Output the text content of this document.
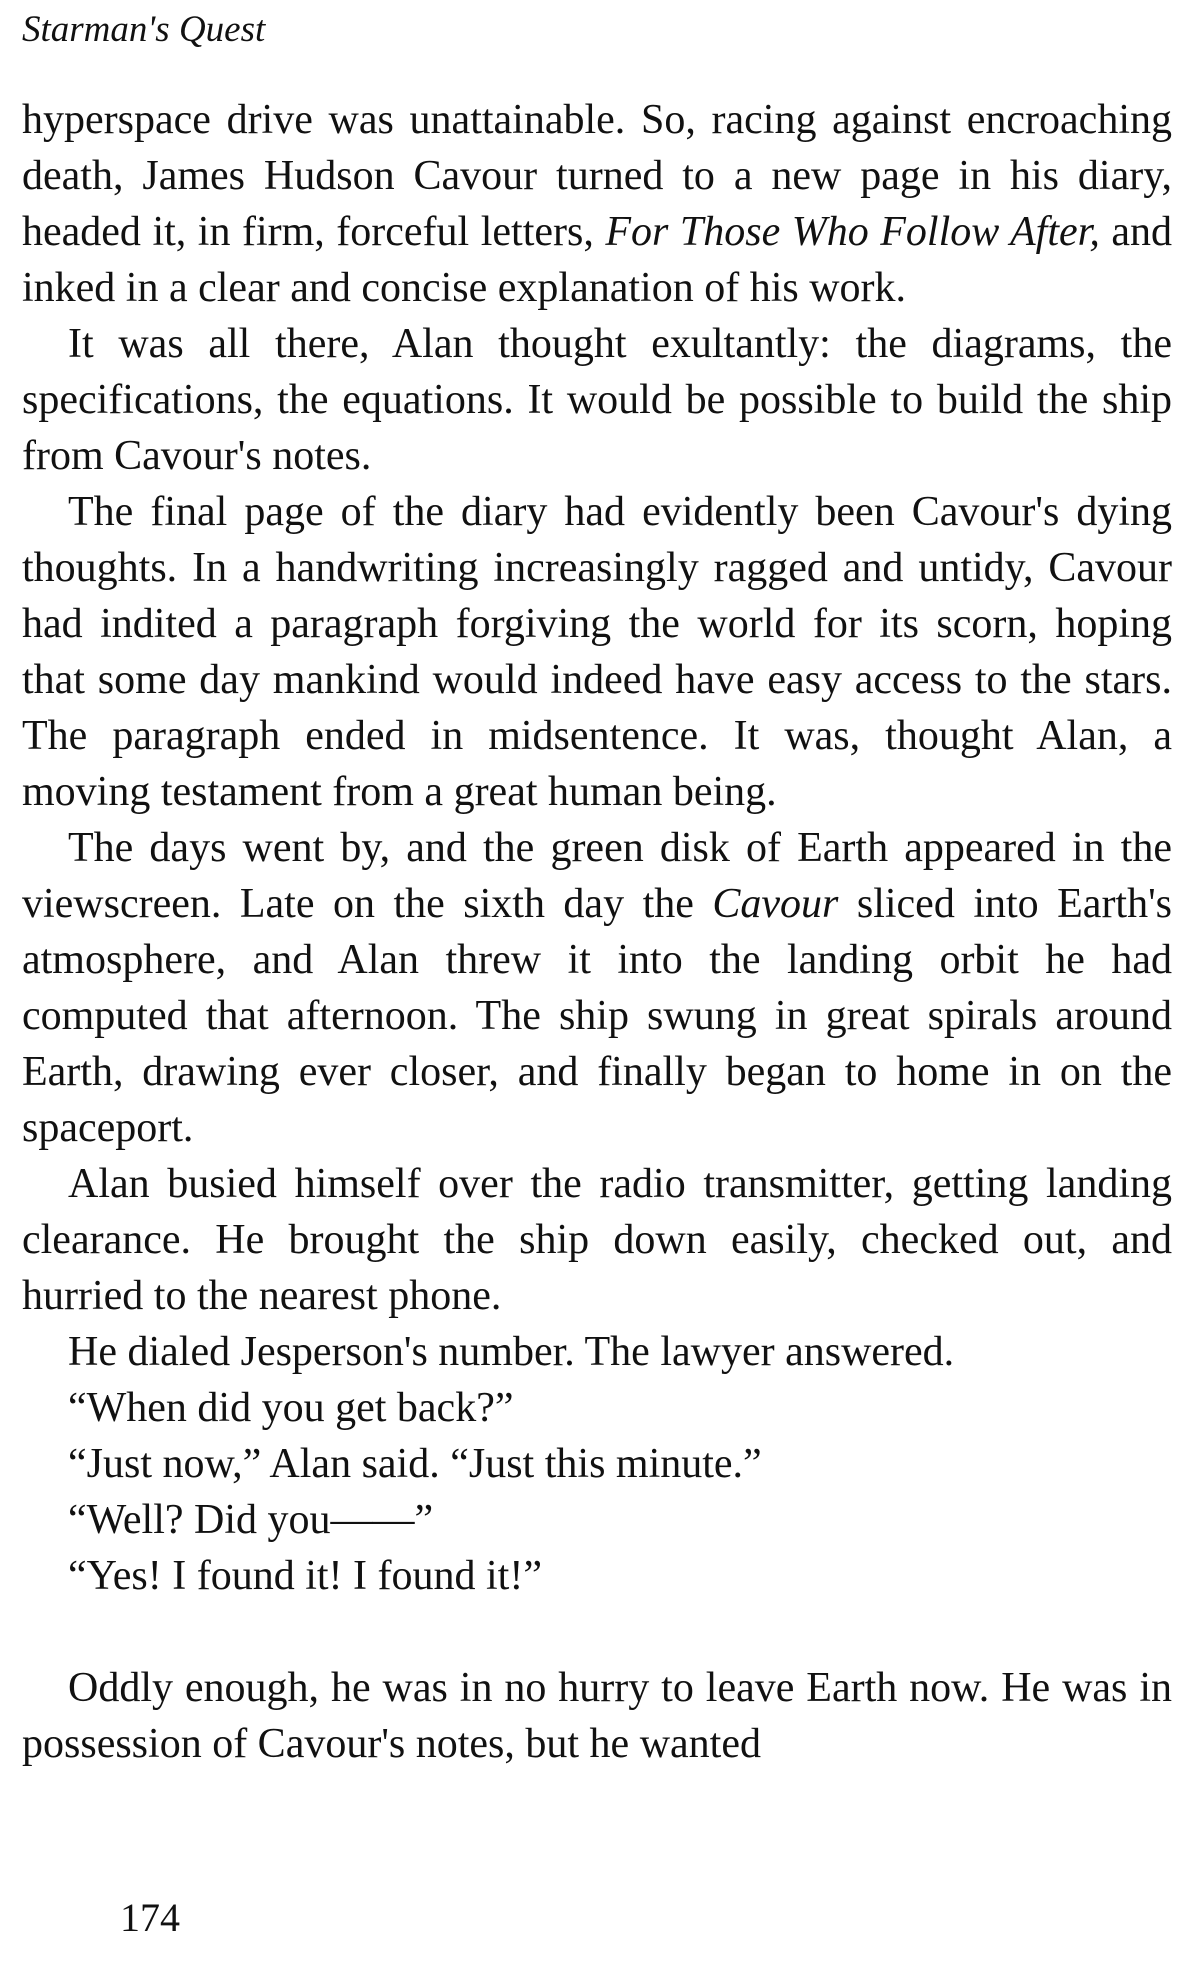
Starman's Quest

hyperspace drive was unattainable. So, racing against encroaching death, James Hudson Cavour turned to a new page in his diary, headed it, in firm, forceful letters, For Those Who Follow After, and inked in a clear and concise explanation of his work.

It was all there, Alan thought exultantly: the diagrams, the specifications, the equations. It would be possible to build the ship from Cavour's notes.

The final page of the diary had evidently been Cavour's dying thoughts. In a handwriting increasingly ragged and untidy, Cavour had indited a paragraph forgiving the world for its scorn, hoping that some day mankind would indeed have easy access to the stars. The paragraph ended in midsentence. It was, thought Alan, a moving testament from a great human being.

The days went by, and the green disk of Earth appeared in the viewscreen. Late on the sixth day the Cavour sliced into Earth's atmosphere, and Alan threw it into the landing orbit he had computed that afternoon. The ship swung in great spirals around Earth, drawing ever closer, and finally began to home in on the spaceport.

Alan busied himself over the radio transmitter, getting landing clearance. He brought the ship down easily, checked out, and hurried to the nearest phone.

He dialed Jesperson's number. The lawyer answered.

“When did you get back?”

“Just now,” Alan said. “Just this minute.”

“Well? Did you——”

“Yes! I found it! I found it!”

Oddly enough, he was in no hurry to leave Earth now. He was in possession of Cavour's notes, but he wanted

174
